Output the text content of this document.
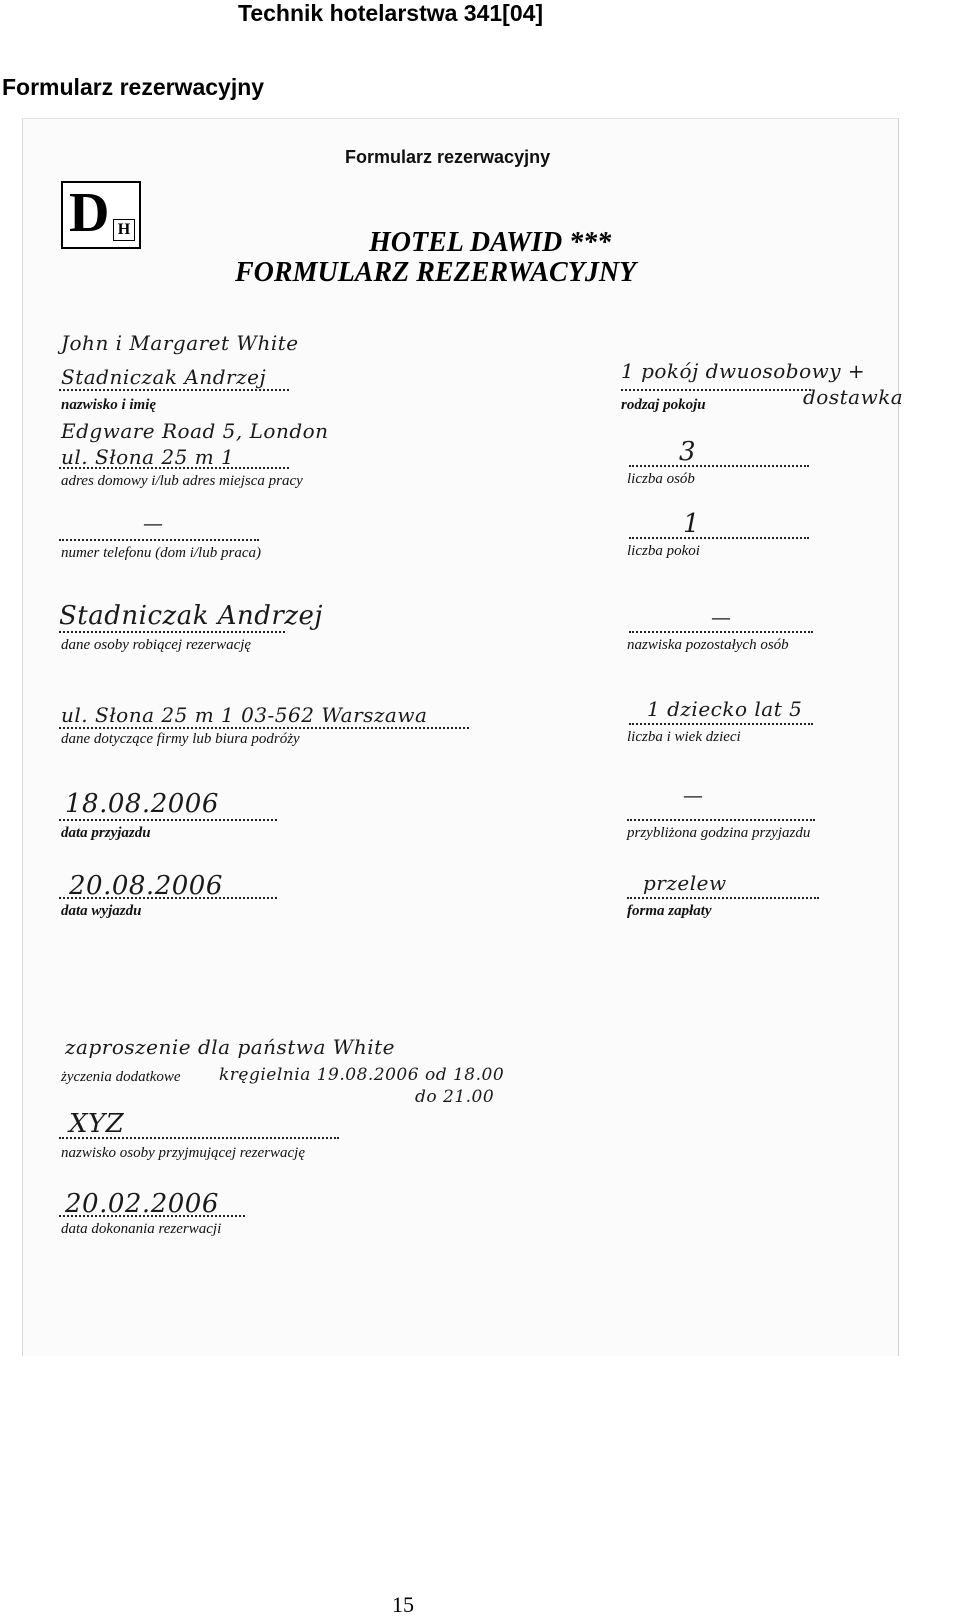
Technik hotelarstwa 341[04]
Formularz rezerwacyjny
Formularz rezerwacyjny
D H	HOTEL DAWID ***
FORMULARZ REZERWACYJNY
John i Margaret White
Stadniczak Andrzej
nazwisko i imię
Edgware Road 5, London
ul. Słona 25 m 1
adres domowy i/lub adres miejsca pracy
—
numer telefonu (dom i/lub praca)
Stadniczak Andrzej
dane osoby robiącej rezerwację
ul. Słona 25 m 1 03-562 Warszawa
dane dotyczące firmy lub biura podróży
18.08.2006
data przyjazdu
20.08.2006
data wyjazdu
1 pokój dwuosobowy +
dostawka
rodzaj pokoju
3
liczba osób
1
liczba pokoi
—
nazwiska pozostałych osób
1 dziecko lat 5
liczba i wiek dzieci
—
przybliżona godzina przyjazdu
przelew
forma zapłaty
zaproszenie dla państwa White
życzenia dodatkowe kręgielnia 19.08.2006 od 18.00
do 21.00
XYZ
nazwisko osoby przyjmującej rezerwację
20.02.2006
data dokonania rezerwacji
15
